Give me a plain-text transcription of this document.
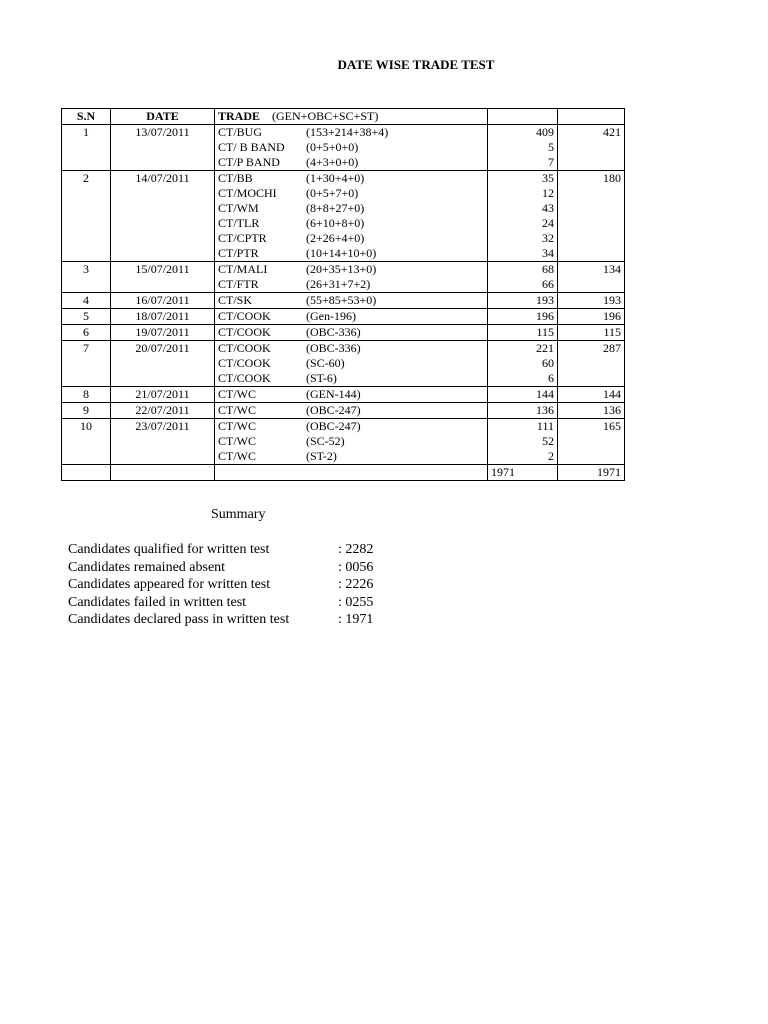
DATE WISE TRADE TEST
S.N	DATE	TRADE (GEN+OBC+SC+ST)		
1	13/07/2011	CT/BUG (153+214+38+4)	409	421
		CT/ B BAND (0+5+0+0)	5	
		CT/P BAND (4+3+0+0)	7	
2	14/07/2011	CT/BB (1+30+4+0)	35	180
		CT/MOCHI (0+5+7+0)	12	
		CT/WM (8+8+27+0)	43	
		CT/TLR (6+10+8+0)	24	
		CT/CPTR (2+26+4+0)	32	
		CT/PTR (10+14+10+0)	34	
3	15/07/2011	CT/MALI (20+35+13+0)	68	134
		CT/FTR (26+31+7+2)	66	
4	16/07/2011	CT/SK (55+85+53+0)	193	193
5	18/07/2011	CT/COOK (Gen-196)	196	196
6	19/07/2011	CT/COOK (OBC-336)	115	115
7	20/07/2011	CT/COOK (OBC-336)	221	287
		CT/COOK (SC-60)	60	
		CT/COOK (ST-6)	6	
8	21/07/2011	CT/WC (GEN-144)	144	144
9	22/07/2011	CT/WC (OBC-247)	136	136
10	23/07/2011	CT/WC (OBC-247)	111	165
		CT/WC (SC-52)	52	
		CT/WC (ST-2)	2	
			1971	1971
Summary
Candidates qualified for written test	: 2282
Candidates remained absent	: 0056
Candidates appeared for written test	: 2226
Candidates failed in written test	: 0255
Candidates declared pass in written test	: 1971
